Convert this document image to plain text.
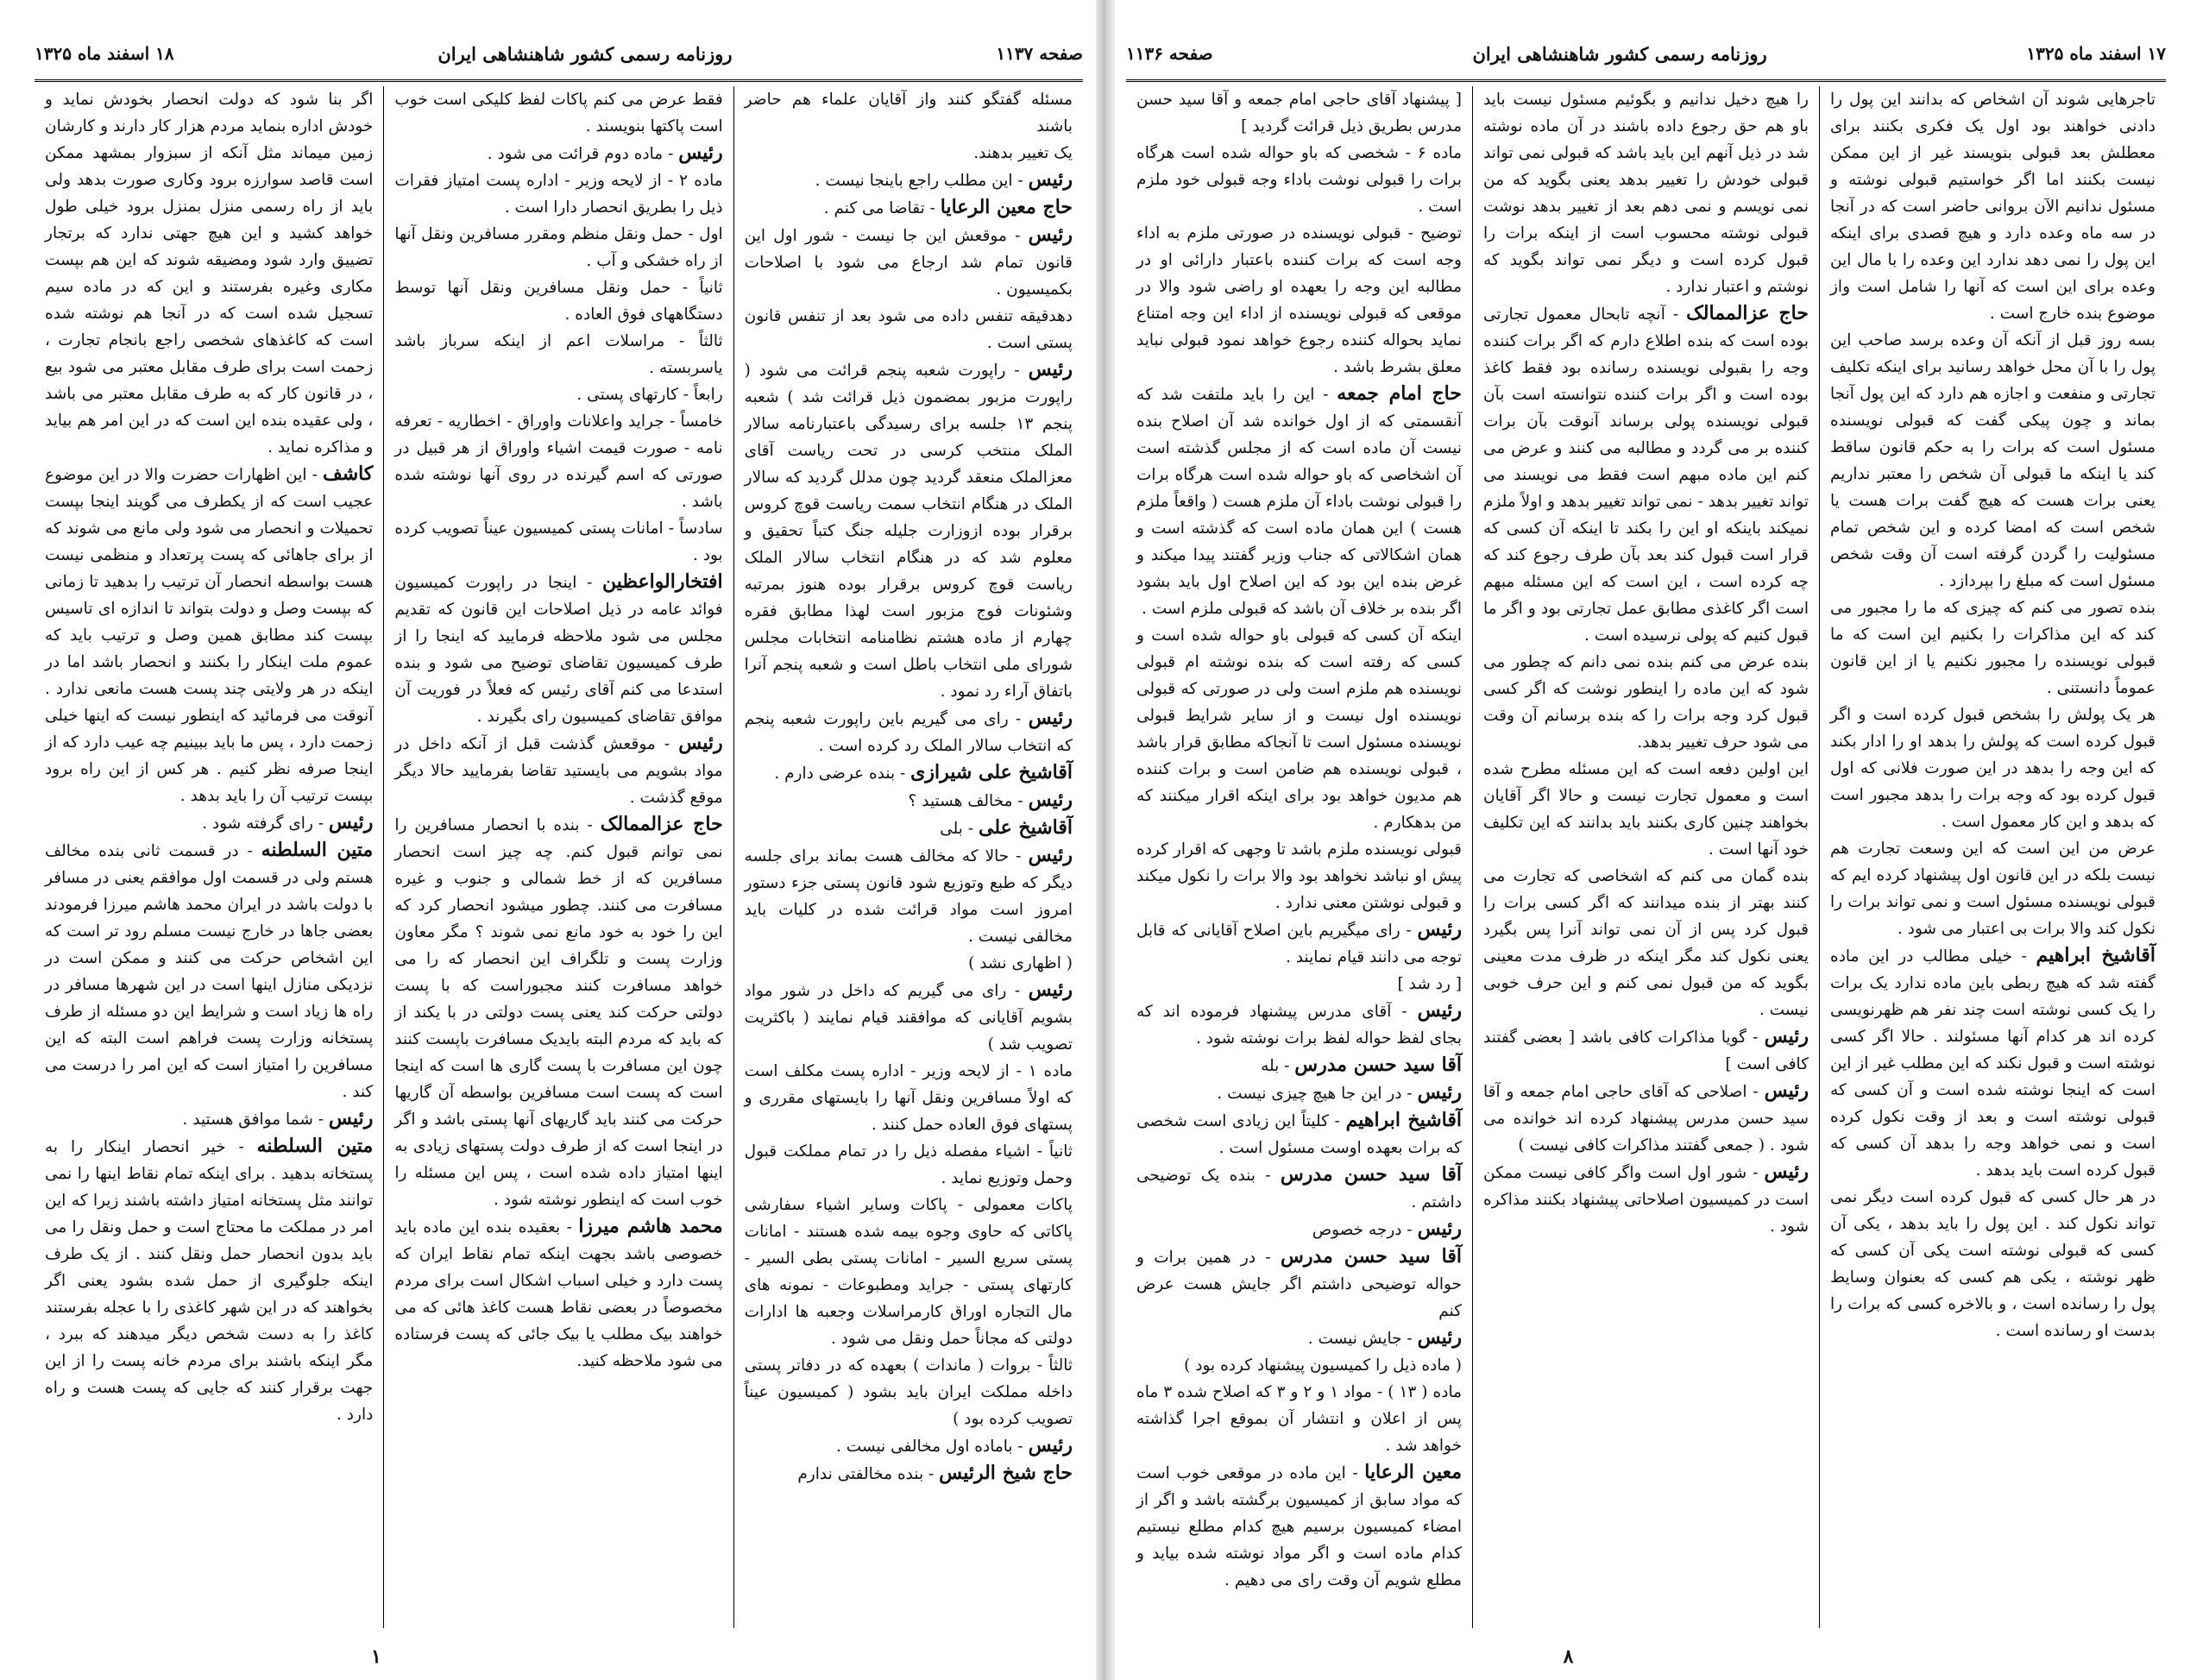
صفحه ۱۱۳۷
روزنامه رسمی کشور شاهنشاهی ایران
۱۸ اسفند ماه ۱۳۲۵
مسئله گفتگو کنند واز آقایان علماء هم حاضر باشند
یک تغییر بدهند.
رئیس - این مطلب راجع باینجا نیست .
حاج معین الرعایا - تقاضا می کنم .
رئیس - موقعش این جا نیست - شور اول این قانون تمام شد ارجاع می شود با اصلاحات بکمیسیون .
دهدقیقه تنفس داده می شود بعد از تنفس قانون پستی است .
رئیس - راپورت شعبه پنجم قرائت می شود ( راپورت مزبور بمضمون ذیل قرائت شد ) شعبه پنجم ۱۳ جلسه برای رسیدگی باعتبارنامه سالار الملک منتخب کرسی در تحت ریاست آقای معزالملک منعقد گردید چون مدلل گردید که سالار الملک در هنگام انتخاب سمت ریاست قوچ کروس برقرار بوده ازوزارت جلیله جنگ کتباً تحقیق و معلوم شد که در هنگام انتخاب سالار الملک ریاست قوچ کروس برقرار بوده هنوز بمرتبه وشئونات فوج مزبور است لهذا مطابق فقره چهارم از ماده هشتم نظامنامه انتخابات مجلس شورای ملی انتخاب باطل است و شعبه پنجم آنرا باتفاق آراء رد نمود .
رئیس - رای می گیریم باین راپورت شعبه پنجم که انتخاب سالار الملک رد کرده است .
آقاشیخ علی شیرازی - بنده عرضی دارم .
رئیس - مخالف هستید ؟
آقاشیخ علی - بلی
رئیس - حالا که مخالف هست بماند برای جلسه دیگر که طبع وتوزیع شود قانون پستی جزء دستور امروز است مواد قرائت شده در کلیات باید مخالفی نیست .
( اظهاری نشد )
رئیس - رای می گیریم که داخل در شور مواد بشویم آقایانی که موافقند قیام نمایند ( باکثریت تصویب شد )
ماده ۱ - از لایحه وزیر - اداره پست مکلف است که اولاً مسافرین ونقل آنها را بایستهای مقرری و پستهای فوق العاده حمل کنند .
ثانیاً - اشیاء مفصله ذیل را در تمام مملکت قبول وحمل وتوزیع نماید .
پاکات معمولی - پاکات وسایر اشیاء سفارشی پاکاتی که حاوی وجوه بیمه شده هستند - امانات پستی سریع السیر - امانات پستی بطی السیر - کارتهای پستی - جراید ومطبوعات - نمونه های مال التجاره اوراق کارمراسلات وجعبه ها ادارات دولتی که مجاناً حمل ونقل می شود .
ثالثاً - بروات ( ماندات ) بعهده که در دفاتر پستی داخله مملکت ایران باید بشود ( کمیسیون عیناً تصویب کرده بود )
رئیس - باماده اول مخالفی نیست .
حاج شیخ الرئیس - بنده مخالفتی ندارم
فقط عرض می کنم پاکات لفظ کلیکی است خوب است پاکتها بنویسند .
رئیس - ماده دوم قرائت می شود .
ماده ۲ - از لایحه وزیر - اداره پست امتیاز فقرات ذیل را بطریق انحصار دارا است .
اول - حمل ونقل منظم ومقرر مسافرین ونقل آنها از راه خشکی و آب .
ثانیاً - حمل ونقل مسافرین ونقل آنها توسط دستگاههای فوق العاده .
ثالثاً - مراسلات اعم از اینکه سرباز باشد یاسربسته .
رابعاً - کارتهای پستی .
خامساً - جراید واعلانات واوراق - اخطاریه - تعرفه نامه - صورت قیمت اشیاء واوراق از هر قبیل در صورتی که اسم گیرنده در روی آنها نوشته شده باشد .
سادساً - امانات پستی کمیسیون عیناً تصویب کرده بود .
افتخارالواعظین - اینجا در راپورت کمیسیون فوائد عامه در ذیل اصلاحات این قانون که تقدیم مجلس می شود ملاحظه فرمایید که اینجا را از طرف کمیسیون تقاضای توضیح می شود و بنده استدعا می کنم آقای رئیس که فعلاً در فوریت آن موافق تقاضای کمیسیون رای بگیرند .
رئیس - موقعش گذشت قبل از آنکه داخل در مواد بشویم می بایستید تقاضا بفرمایید حالا دیگر موقع گذشت .
حاج عزالممالک - بنده با انحصار مسافرین را نمی توانم قبول کنم. چه چیز است انحصار مسافرین که از خط شمالی و جنوب و غیره مسافرت می کنند. چطور میشود انحصار کرد که این را خود به خود مانع نمی شوند ؟ مگر معاون وزارت پست و تلگراف این انحصار که را می خواهد مسافرت کنند مجبوراست که با پست دولتی حرکت کند یعنی پست دولتی در با یکند از که باید که مردم البته بایدیک مسافرت باپست کنند چون این مسافرت با پست گاری ها است که اینجا است که پست است مسافرین بواسطه آن گاریها حرکت می کنند باید گاریهای آنها پستی باشد و اگر در اینجا است که از طرف دولت پستهای زیادی به اینها امتیاز داده شده است ، پس این مسئله را خوب است که اینطور نوشته شود .
محمد هاشم میرزا - بعقیده بنده این ماده باید خصوصی باشد بجهت اینکه تمام نقاط ایران که پست دارد و خیلی اسباب اشکال است برای مردم مخصوصاً در بعضی نقاط هست کاغذ هائی که می خواهند بیک مطلب یا بیک جائی که پست فرستاده می شود ملاحظه کنید.
اگر بنا شود که دولت انحصار بخودش نماید و خودش اداره بنماید مردم هزار کار دارند و کارشان زمین میماند مثل آنکه از سبزوار بمشهد ممکن است قاصد سوارزه برود وکاری صورت بدهد ولی باید از راه رسمی منزل بمنزل برود خیلی طول خواهد کشید و این هیچ جهتی ندارد که برتجار تضییق وارد شود ومضیقه شوند که این هم بپست مکاری وغیره بفرستند و این که در ماده سیم تسجیل شده است که در آنجا هم نوشته شده است که کاغذهای شخصی راجع بانجام تجارت ، زحمت است برای طرف مقابل معتبر می شود بیع ، در قانون کار که به طرف مقابل معتبر می باشد ، ولی عقیده بنده این است که در این امر هم بیاید و مذاکره نماید .
کاشف - این اظهارات حضرت والا در این موضوع عجیب است که از یکطرف می گویند اینجا بپست تحمیلات و انحصار می شود ولی مانع می شوند که از برای جاهائی که پست پرتعداد و منظمی نیست هست بواسطه انحصار آن ترتیب را بدهید تا زمانی که بپست وصل و دولت بتواند تا اندازه ای تاسیس بپست کند مطابق همین وصل و ترتیب باید که عموم ملت اینکار را بکنند و انحصار باشد اما در اینکه در هر ولایتی چند پست هست مانعی ندارد . آنوقت می فرمائید که اینطور نیست که اینها خیلی زحمت دارد ، پس ما باید ببینیم چه عیب دارد که از اینجا صرفه نظر کنیم . هر کس از این راه برود بپست ترتیب آن را باید بدهد .
رئیس - رای گرفته شود .
متین السلطنه - در قسمت ثانی بنده مخالف هستم ولی در قسمت اول موافقم یعنی در مسافر با دولت باشد در ایران محمد هاشم میرزا فرمودند بعضی جاها در خارج نیست مسلم رود تر است که این اشخاص حرکت می کنند و ممکن است در نزدیکی منازل اینها است در این شهرها مسافر در راه ها زیاد است و شرایط این دو مسئله از طرف پستخانه وزارت پست فراهم است البته که این مسافرین را امتیاز است که این امر را درست می کند .
رئیس - شما موافق هستید .
متین السلطنه - خیر انحصار اینکار را به پستخانه بدهید . برای اینکه تمام نقاط اینها را نمی توانند مثل پستخانه امتیاز داشته باشند زیرا که این امر در مملکت ما محتاج است و حمل ونقل را می باید بدون انحصار حمل ونقل کنند . از یک طرف اینکه جلوگیری از حمل شده بشود یعنی اگر بخواهند که در این شهر کاغذی را با عجله بفرستند کاغذ را به دست شخص دیگر میدهند که ببرد ، مگر اینکه باشند برای مردم خانه پست را از این جهت برقرار کنند که جایی که پست هست و راه دارد .
۱
۱۷ اسفند ماه ۱۳۲۵
روزنامه رسمی کشور شاهنشاهی ایران
صفحه ۱۱۳۶
تاجرهایی شوند آن اشخاص که بدانند این پول را دادنی خواهند بود اول یک فکری بکنند برای معطلش بعد قبولی بنویسند غیر از این ممکن نیست بکنند اما اگر خواستیم قبولی نوشته و مسئول ندانیم الآن بروانی حاضر است که در آنجا در سه ماه وعده دارد و هیچ قصدی برای اینکه این پول را نمی دهد ندارد این وعده را با مال این وعده برای این است که آنها را شامل است واز موضوع بنده خارج است .
بسه روز قبل از آنکه آن وعده برسد صاحب این پول را با آن محل خواهد رسانید برای اینکه تکلیف تجارتی و منفعت و اجازه هم دارد که این پول آنجا بماند و چون پیکی گفت که قبولی نویسنده مسئول است که برات را به حکم قانون ساقط کند یا اینکه ما قبولی آن شخص را معتبر نداریم یعنی برات هست که هیچ گفت برات هست یا شخص است که امضا کرده و این شخص تمام مسئولیت را گردن گرفته است آن وقت شخص مسئول است که مبلغ را بپردازد .
بنده تصور می کنم که چیزی که ما را مجبور می کند که این مذاکرات را بکنیم این است که ما قبولی نویسنده را مجبور نکنیم یا از این قانون عموماً دانستنی .
هر یک پولش را بشخص قبول کرده است و اگر قبول کرده است که پولش را بدهد او را ادار بکند که این وجه را بدهد در این صورت فلانی که اول قبول کرده بود که وجه برات را بدهد مجبور است که بدهد و این کار معمول است .
عرض من این است که این وسعت تجارت هم نیست بلکه در این قانون اول پیشنهاد کرده ایم که قبولی نویسنده مسئول است و نمی تواند برات را نکول کند والا برات بی اعتبار می شود .
آقاشیخ ابراهیم - خیلی مطالب در این ماده گفته شد که هیچ ربطی باین ماده ندارد یک برات را یک کسی نوشته است چند نفر هم ظهرنویسی کرده اند هر کدام آنها مسئولند . حالا اگر کسی نوشته است و قبول نکند که این مطلب غیر از این است که اینجا نوشته شده است و آن کسی که قبولی نوشته است و بعد از وقت نکول کرده است و نمی خواهد وجه را بدهد آن کسی که قبول کرده است باید بدهد .
در هر حال کسی که قبول کرده است دیگر نمی تواند نکول کند . این پول را باید بدهد ، یکی آن کسی که قبولی نوشته است یکی آن کسی که ظهر نوشته ، یکی هم کسی که بعنوان وسایط پول را رسانده است ، و بالاخره کسی که برات را بدست او رسانده است .
را هیچ دخیل ندانیم و بگوئیم مسئول نیست باید باو هم حق رجوع داده باشند در آن ماده نوشته شد در ذیل آنهم این باید باشد که قبولی نمی تواند قبولی خودش را تغییر بدهد یعنی بگوید که من نمی نویسم و نمی دهم بعد از تغییر بدهد نوشت قبولی نوشته محسوب است از اینکه برات را قبول کرده است و دیگر نمی تواند بگوید که نوشتم و اعتبار ندارد .
حاج عزالممالک - آنچه تابحال معمول تجارتی بوده است که بنده اطلاع دارم که اگر برات کننده وجه را بقبولی نویسنده رسانده بود فقط کاغذ بوده است و اگر برات کننده نتوانسته است بآن قبولی نویسنده پولی برساند آنوقت بآن برات کننده بر می گردد و مطالبه می کنند و عرض می کنم این ماده مبهم است فقط می نویسند می تواند تغییر بدهد - نمی تواند تغییر بدهد و اولاً ملزم نمیکند باینکه او این را بکند تا اینکه آن کسی که قرار است قبول کند بعد بآن طرف رجوع کند که چه کرده است ، این است که این مسئله مبهم است اگر کاغذی مطابق عمل تجارتی بود و اگر ما قبول کنیم که پولی نرسیده است .
بنده عرض می کنم بنده نمی دانم که چطور می شود که این ماده را اینطور نوشت که اگر کسی قبول کرد وجه برات را که بنده برسانم آن وقت می شود حرف تغییر بدهد.
این اولین دفعه است که این مسئله مطرح شده است و معمول تجارت نیست و حالا اگر آقایان بخواهند چنین کاری بکنند باید بدانند که این تکلیف خود آنها است .
بنده گمان می کنم که اشخاصی که تجارت می کنند بهتر از بنده میدانند که اگر کسی برات را قبول کرد پس از آن نمی تواند آنرا پس بگیرد یعنی نکول کند مگر اینکه در ظرف مدت معینی بگوید که من قبول نمی کنم و این حرف خوبی نیست .
رئیس - گویا مذاکرات کافی باشد [ بعضی گفتند کافی است ]
رئیس - اصلاحی که آقای حاجی امام جمعه و آقا سید حسن مدرس پیشنهاد کرده اند خوانده می شود . ( جمعی گفتند مذاکرات کافی نیست )
رئیس - شور اول است واگر کافی نیست ممکن است در کمیسیون اصلاحاتی پیشنهاد بکنند مذاکره شود .
[ پیشنهاد آقای حاجی امام جمعه و آقا سید حسن مدرس بطریق ذیل قرائت گردید ]
ماده ۶ - شخصی که باو حواله شده است هرگاه برات را قبولی نوشت باداء وجه قبولی خود ملزم است .
توضیح - قبولی نویسنده در صورتی ملزم به اداء وجه است که برات کننده باعتبار دارائی او در مطالبه این وجه را بعهده او راضی شود والا در موقعی که قبولی نویسنده از اداء این وجه امتناع نماید بحواله کننده رجوع خواهد نمود قبولی نباید معلق بشرط باشد .
حاج امام جمعه - این را باید ملتفت شد که آنقسمتی که از اول خوانده شد آن اصلاح بنده نیست آن ماده است که از مجلس گذشته است آن اشخاصی که باو حواله شده است هرگاه برات را قبولی نوشت باداء آن ملزم هست ( واقعاً ملزم هست ) این همان ماده است که گذشته است و همان اشکالاتی که جناب وزیر گفتند پیدا میکند و غرض بنده این بود که این اصلاح اول باید بشود اگر بنده بر خلاف آن باشد که قبولی ملزم است .
اینکه آن کسی که قبولی باو حواله شده است و کسی که رفته است که بنده نوشته ام قبولی نویسنده هم ملزم است ولی در صورتی که قبولی نویسنده اول نیست و از سایر شرایط قبولی نویسنده مسئول است تا آنجاکه مطابق قرار باشد ، قبولی نویسنده هم ضامن است و برات کننده هم مدیون خواهد بود برای اینکه اقرار میکنند که من بدهکارم .
قبولی نویسنده ملزم باشد تا وجهی که اقرار کرده پیش او نباشد نخواهد بود والا برات را نکول میکند و قبولی نوشتن معنی ندارد .
رئیس - رای میگیریم باین اصلاح آقایانی که قابل توجه می دانند قیام نمایند .
[ رد شد ]
رئیس - آقای مدرس پیشنهاد فرموده اند که بجای لفظ حواله لفظ برات نوشته شود .
آقا سید حسن مدرس - بله
رئیس - در این جا هیچ چیزی نیست .
آقاشیخ ابراهیم - کلیتاً این زیادی است شخصی که برات بعهده اوست مسئول است .
آقا سید حسن مدرس - بنده یک توضیحی داشتم .
رئیس - درجه خصوص
آقا سید حسن مدرس - در همین برات و حواله توضیحی داشتم اگر جایش هست عرض کنم
رئیس - جایش نیست .
( ماده ذیل را کمیسیون پیشنهاد کرده بود )
ماده ( ۱۳ ) - مواد ۱ و ۲ و ۳ که اصلاح شده ۳ ماه پس از اعلان و انتشار آن بموقع اجرا گذاشته خواهد شد .
معین الرعایا - این ماده در موقعی خوب است که مواد سابق از کمیسیون برگشته باشد و اگر از امضاء کمیسیون برسیم هیچ کدام مطلع نیستیم کدام ماده است و اگر مواد نوشته شده بیاید و مطلع شویم آن وقت رای می دهیم .
۸
